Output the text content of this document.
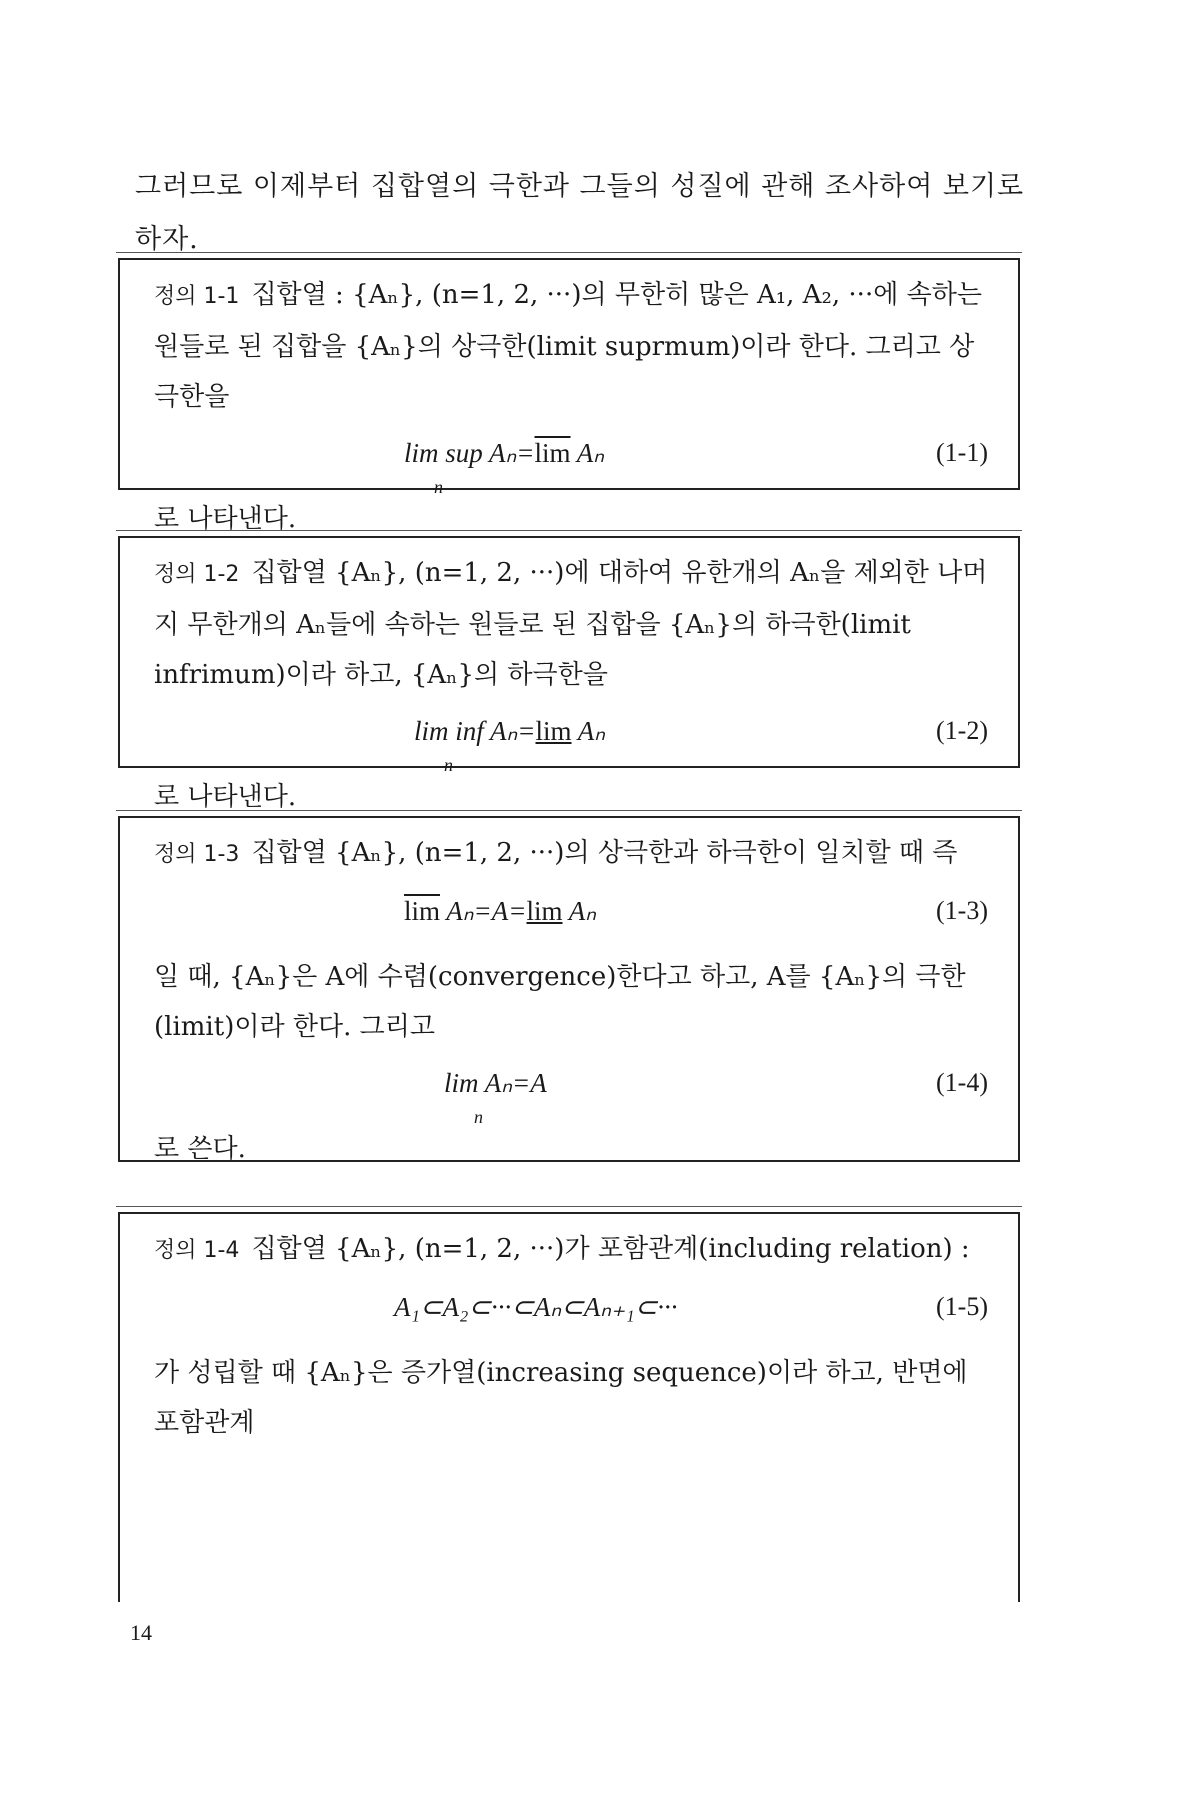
그러므로 이제부터 집합열의 극한과 그들의 성질에 관해 조사하여 보기로 하자.

정의 1-1 집합열 : {Aₙ}, (n=1, 2, ···)의 무한히 많은 A₁, A₂, ···에 속하는 원들로 된 집합을 {Aₙ}의 상극한(limit suprmum)이라 한다. 그리고 상극한을

lim sup $A_n=\overline{lim}$ Aₙ
n
(1-1)

로 나타낸다.

정의 1-2 집합열 {Aₙ}, (n=1, 2, ···)에 대하여 유한개의 Aₙ을 제외한 나머지 무한개의 Aₙ들에 속하는 원들로 된 집합을 {Aₙ}의 하극한(limit infrimum)이라 하고, {Aₙ}의 하극한을

lim inf Aₙ=lim Aₙ
n
(1-2)

로 나타낸다.

정의 1-3 집합열 {Aₙ}, (n=1, 2, ···)의 상극한과 하극한이 일치할 때 즉

$\overline{lim}$ Aₙ=A=lim Aₙ	(1-3)

일 때, {Aₙ}은 A에 수렴(convergence)한다고 하고, A를 {Aₙ}의 극한(limit)이라 한다. 그리고

lim Aₙ=A
n
(1-4)

로 쓴다.

정의 1-4 집합열 {Aₙ}, (n=1, 2, ···)가 포함관계(including relation) :

A₁⊂A₂⊂···⊂Aₙ⊂Aₙ₊₁⊂···	(1-5)

가 성립할 때 {Aₙ}은 증가열(increasing sequence)이라 하고, 반면에 포함관계

14
